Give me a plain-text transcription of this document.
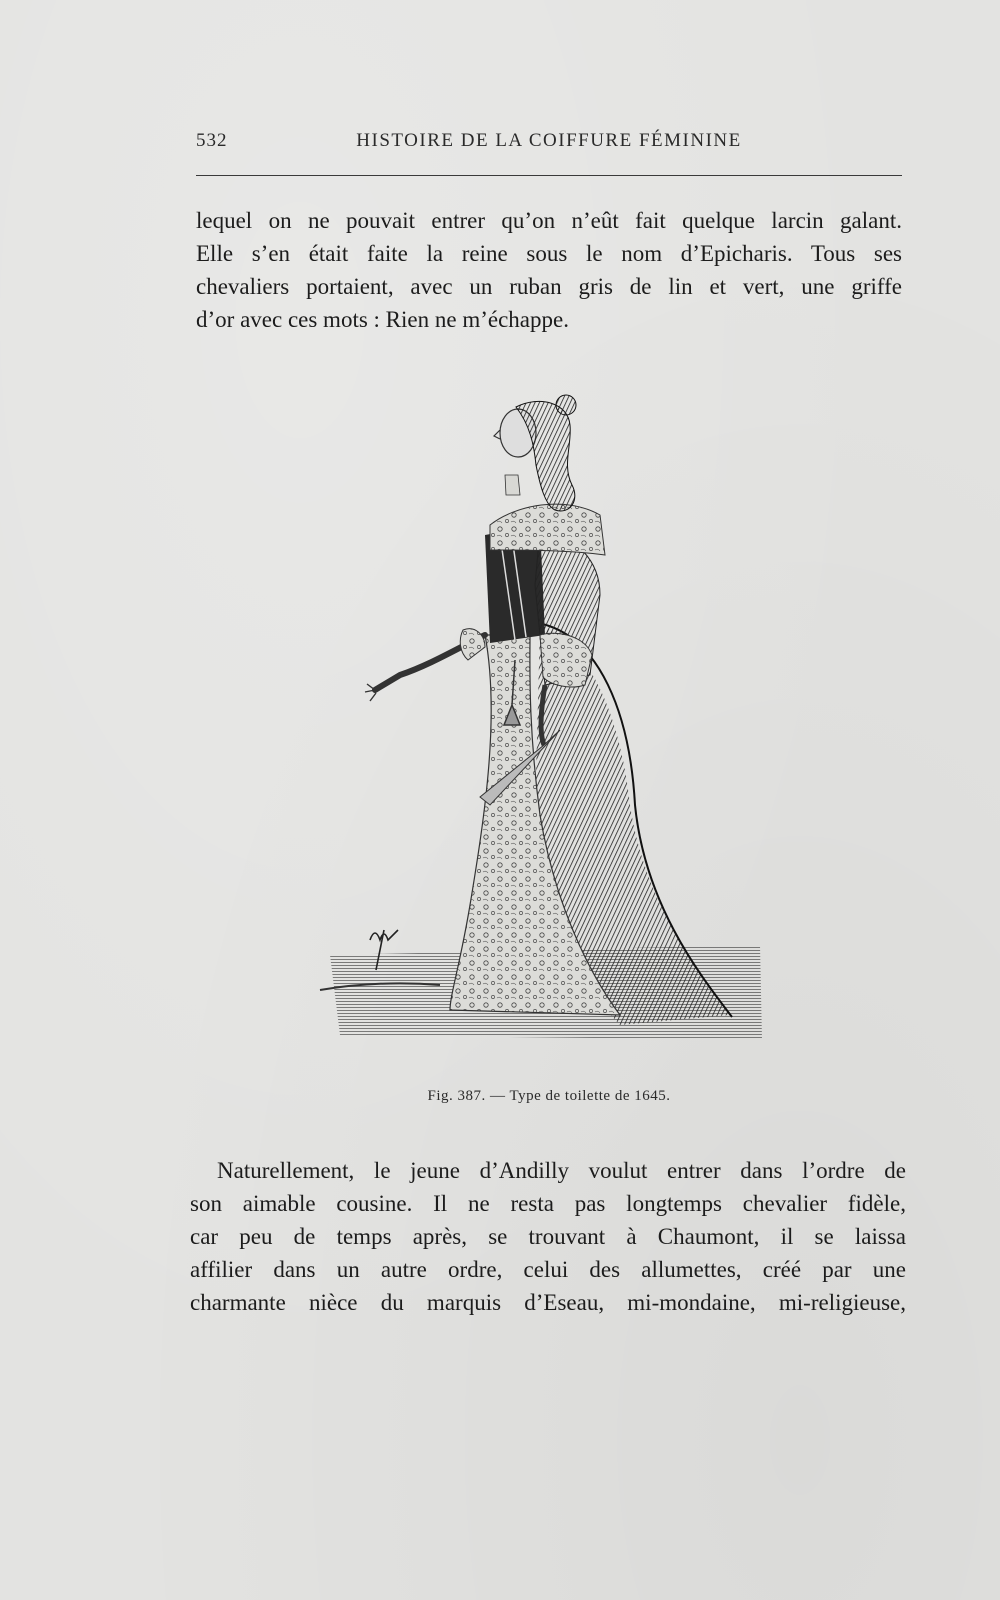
532	HISTOIRE DE LA COIFFURE FÉMININE
lequel on ne pouvait entrer qu’on n’eût fait quelque larcin galant.
Elle s’en était faite la reine sous le nom d’Epicharis. Tous ses
chevaliers portaient, avec un ruban gris de lin et vert, une griffe
d’or avec ces mots : Rien ne m’échappe.
Fig. 387. — Type de toilette de 1645.
Naturellement, le jeune d’Andilly voulut entrer dans l’ordre de
son aimable cousine. Il ne resta pas longtemps chevalier fidèle,
car peu de temps après, se trouvant à Chaumont, il se laissa
affilier dans un autre ordre, celui des allumettes, créé par une
charmante nièce du marquis d’Eseau, mi-mondaine, mi-religieuse,
